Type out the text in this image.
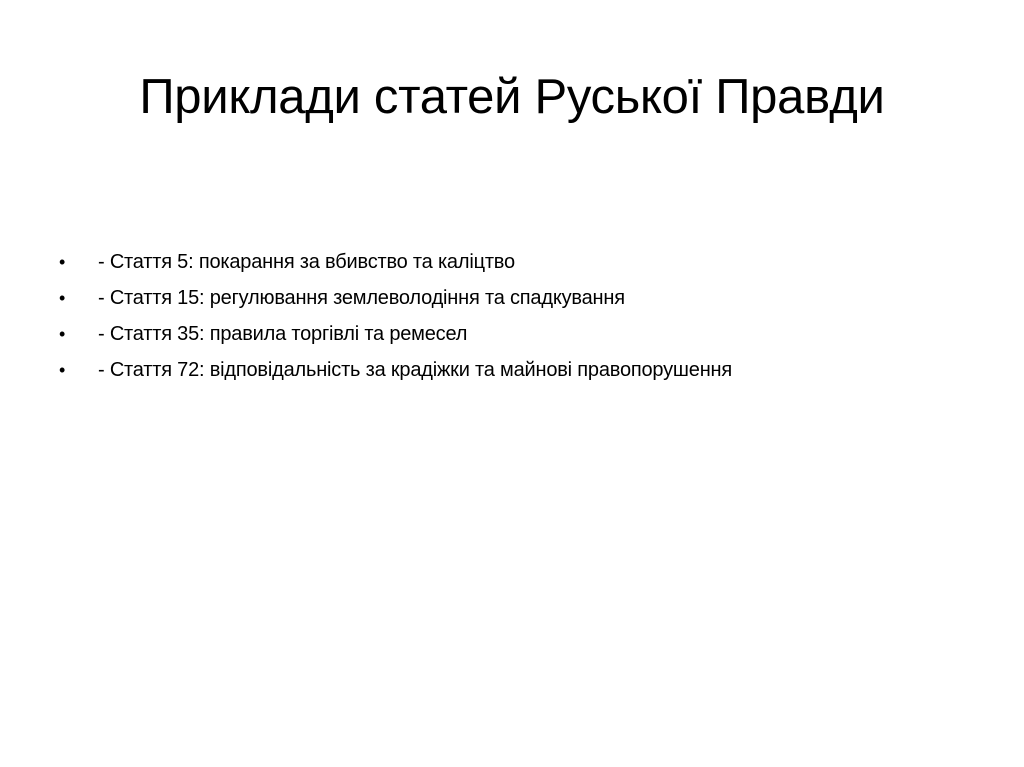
Приклади статей Руської Правди
•	- Стаття 5: покарання за вбивство та каліцтво
•	- Стаття 15: регулювання землеволодіння та спадкування
•	- Стаття 35: правила торгівлі та ремесел
•	- Стаття 72: відповідальність за крадіжки та майнові правопорушення
